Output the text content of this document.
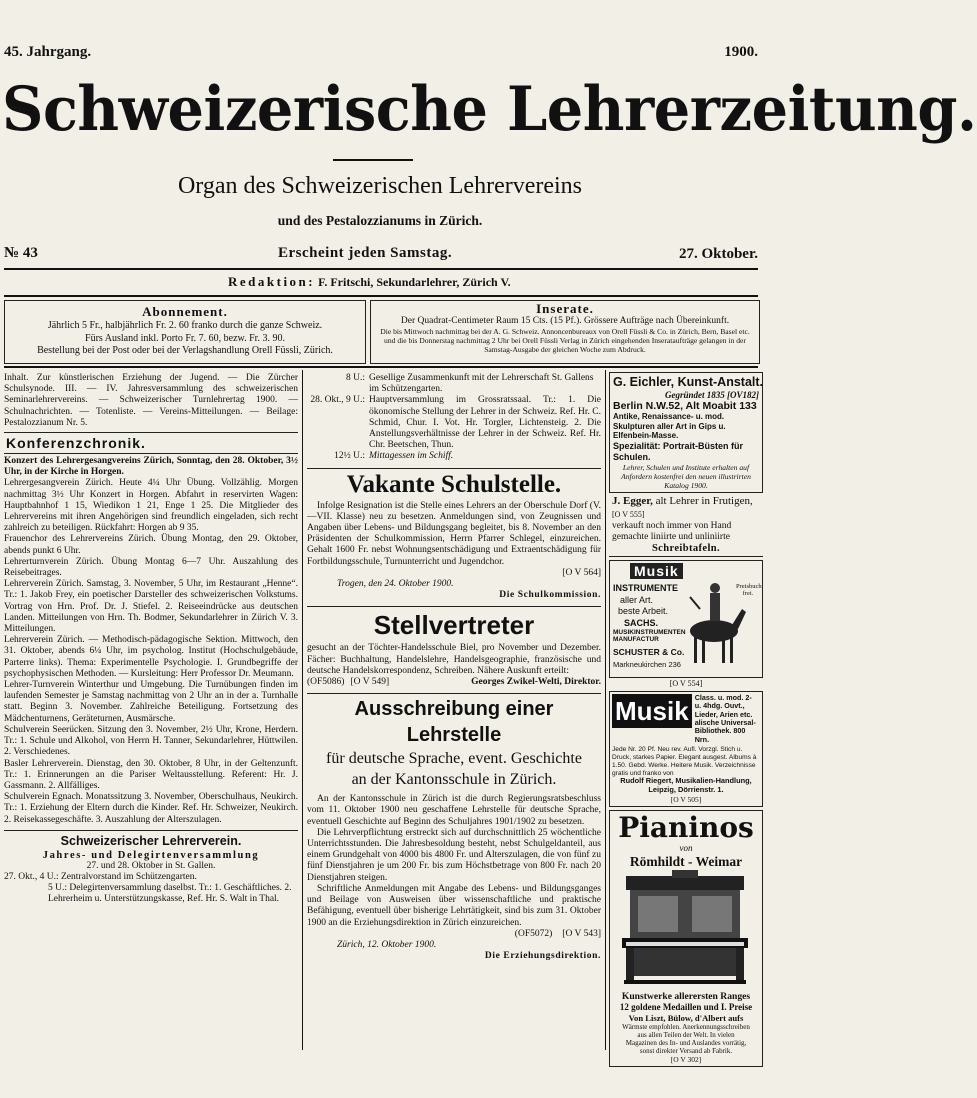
45. Jahrgang.	1900.
Schweizerische Lehrerzeitung.
Organ des Schweizerischen Lehrervereins
und des Pestalozzianums in Zürich.
№ 43	Erscheint jeden Samstag.	27. Oktober.
Redaktion: F. Fritschi, Sekundarlehrer, Zürich V.
Abonnement.
Jährlich 5 Fr., halbjährlich Fr. 2. 60 franko durch die ganze Schweiz.
Fürs Ausland inkl. Porto Fr. 7. 60, bezw. Fr. 3. 90.
Bestellung bei der Post oder bei der Verlagshandlung Orell Füssli, Zürich.
Inserate.
Der Quadrat-Centimeter Raum 15 Cts. (15 Pf.). Grössere Aufträge nach Übereinkunft.
Die bis Mittwoch nachmittag bei der A. G. Schweiz. Annoncenbureaux von Orell Füssli & Co. in Zürich, Bern, Basel etc. und die bis Donnerstag nachmittag 2 Uhr bei Orell Füssli Verlag in Zürich eingehenden Inserataufträge gelangen in der Samstag-Ausgabe der gleichen Woche zum Abdruck.

Inhalt. Zur künstlerischen Erziehung der Jugend. — Die Zürcher Schulsynode. III. — IV. Jahresversammlung des schweizerischen Seminarlehrervereins. — Schweizerischer Turnlehrertag 1900. — Schulnachrichten. — Totenliste. — Vereins-Mitteilungen. — Beilage: Pestalozzianum Nr. 5.

Konferenzchronik.

Konzert des Lehrergesangvereins Zürich, Sonntag, den 28. Oktober, 3½ Uhr, in der Kirche in Horgen.

Lehrergesangverein Zürich. Heute 4¼ Uhr Übung. Vollzählig. Morgen nachmittag 3½ Uhr Konzert in Horgen. Abfahrt in reservirten Wagen: Hauptbahnhof 1 15, Wiedikon 1 21, Enge 1 25. Die Mitglieder des Lehrervereins mit ihren Angehörigen sind freundlich eingeladen, sich recht zahlreich zu beteiligen. Rückfahrt: Horgen ab 9 35.

Frauenchor des Lehrervereins Zürich. Übung Montag, den 29. Oktober, abends punkt 6 Uhr.

Lehrerturnverein Zürich. Übung Montag 6—7 Uhr. Auszahlung des Reisebeitrages.

Lehrerverein Zürich. Samstag, 3. November, 5 Uhr, im Restaurant „Henne“. Tr.: 1. Jakob Frey, ein poetischer Darsteller des schweizerischen Volkstums. Vortrag von Hrn. Prof. Dr. J. Stiefel. 2. Reiseeindrücke aus deutschen Landen. Mitteilungen von Hrn. Th. Bodmer, Sekundarlehrer in Zürich V. 3. Mitteilungen.

Lehrerverein Zürich. — Methodisch-pädagogische Sektion. Mittwoch, den 31. Oktober, abends 6¼ Uhr, im psycholog. Institut (Hochschulgebäude, Parterre links). Thema: Experimentelle Psychologie. I. Grundbegriffe der psychophysischen Methoden. — Kursleitung: Herr Professor Dr. Meumann.

Lehrer-Turnverein Winterthur und Umgebung. Die Turnübungen finden im laufenden Semester je Samstag nachmittag von 2 Uhr an in der a. Turnhalle statt. Beginn 3. November. Zahlreiche Beteiligung. Fortsetzung des Mädchenturnens, Geräteturnen, Ausmärsche.

Schulverein Seerücken. Sitzung den 3. November, 2½ Uhr, Krone, Herdern. Tr.: 1. Schule und Alkohol, von Herrn H. Tanner, Sekundarlehrer, Hüttwilen. 2. Verschiedenes.

Basler Lehrerverein. Dienstag, den 30. Oktober, 8 Uhr, in der Geltenzunft. Tr.: 1. Erinnerungen an die Pariser Weltausstellung. Referent: Hr. J. Gassmann. 2. Allfälliges.

Schulverein Egnach. Monatssitzung 3. November, Oberschulhaus, Neukirch. Tr.: 1. Erziehung der Eltern durch die Kinder. Ref. Hr. Schweizer, Neukirch. 2. Reisekassegeschäfte. 3. Auszahlung der Alterszulagen.

Schweizerischer Lehrerverein.
Jahres- und Delegirtenversammlung
27. und 28. Oktober in St. Gallen.

27. Okt., 4 U.: Zentralvorstand im Schützengarten.

5 U.: Delegirtenversammlung daselbst. Tr.: 1. Geschäftliches. 2. Lehrerheim u. Unterstützungskasse, Ref. Hr. S. Walt in Thal.

8 U.: Gesellige Zusammenkunft mit der Lehrerschaft St. Gallens im Schützengarten.
28. Okt., 9 U.: Hauptversammlung im Grossratssaal. Tr.: 1. Die ökonomische Stellung der Lehrer in der Schweiz. Ref. Hr. C. Schmid, Chur. I. Vot. Hr. Torgler, Lichtensteig. 2. Die Anstellungsverhältnisse der Lehrer in der Schweiz. Ref. Hr. Chr. Beetschen, Thun.
12½ U.: Mittagessen im Schiff.
Vakante Schulstelle.

Infolge Resignation ist die Stelle eines Lehrers an der Oberschule Dorf (V.—VII. Klasse) neu zu besetzen. Anmeldungen sind, von Zeugnissen und Angaben über Lebens- und Bildungsgang begleitet, bis 8. November an den Präsidenten der Schulkommission, Herrn Pfarrer Schlegel, einzureichen. Gehalt 1600 Fr. nebst Wohnungsentschädigung und Extraentschädigung für Fortbildungsschule, Turnunterricht und Jugendchor.

[O V 564]
Trogen, den 24. Oktober 1900.
Die Schulkommission.
Stellvertreter

gesucht an der Töchter-Handelsschule Biel, pro November und Dezember. Fächer: Buchhaltung, Handelslehre, Handelsgeographie, französische und deutsche Handelskorrespondenz, Schreiben. Nähere Auskunft erteilt:

(OF5086) [O V 549]	Georges Zwikel-Welti, Direktor.
Ausschreibung einer Lehrstelle
für deutsche Sprache, event. Geschichte
an der Kantonsschule in Zürich.

An der Kantonsschule in Zürich ist die durch Regierungsratsbeschluss vom 11. Oktober 1900 neu geschaffene Lehrstelle für deutsche Sprache, eventuell Geschichte auf Beginn des Schuljahres 1901/1902 zu besetzen.

Die Lehrverpflichtung erstreckt sich auf durchschnittlich 25 wöchentliche Unterrichtsstunden. Die Jahresbesoldung besteht, nebst Schulgeldanteil, aus einem Grundgehalt von 4000 bis 4800 Fr. und Alterszulagen, die von fünf zu fünf Dienstjahren je um 200 Fr. bis zum Höchstbetrage von 800 Fr. nach 20 Dienstjahren steigen.

Schriftliche Anmeldungen mit Angabe des Lebens- und Bildungsganges und Beilage von Ausweisen über wissenschaftliche und praktische Befähigung, eventuell über bisherige Lehrtätigkeit, sind bis zum 31. Oktober 1900 an die Erziehungsdirektion in Zürich einzureichen.

(OF5072) [O V 543]
Zürich, 12. Oktober 1900.
Die Erziehungsdirektion.
G. Eichler, Kunst-Anstalt.
Gegründet 1835 [OV182]
Berlin N.W.52, Alt Moabit 133
Antike, Renaissance- u. mod. Skulpturen aller Art in Gips u. Elfenbein-Masse.
Spezialität: Portrait-Büsten für Schulen.
Lehrer, Schulen und Institute erhalten auf Anfordern kostenfrei den neuen illustrirten Katalog 1900.
J. Egger, alt Lehrer in Frutigen, [O V 555]
verkauft noch immer von Hand gemachte liniirte und unliniirte
Schreibtafeln.
Musik
INSTRUMENTE
aller Art.
beste Arbeit.
SACHS.
MUSIKINSTRUMENTEN MANUFACTUR
SCHUSTER & Co.
Markneukirchen 236
Preisbuch frei.
[O V 554]
Musik Class. u. mod. 2- u. 4hdg. Ouvt., Lieder, Arien etc. alische Universal-Bibliothek. 800 Nrn.
Jede Nr. 20 Pf. Neu rev. Aufl. Vorzgl. Stich u. Druck, starkes Papier. Elegant ausgest. Albums à 1.50. Gebd. Werke. Heitere Musik. Verzeichnisse gratis und franko von
Rudolf Riegert, Musikalien-Handlung, Leipzig, Dörrienstr. 1.
[O V 505]
Pianinos
von
Römhildt - Weimar
Kunstwerke allerersten Ranges
12 goldene Medaillen und I. Preise
Von Liszt, Bülow, d'Albert aufs
Wärmste empfohlen. Anerkennungsschreiben
aus allen Teilen der Welt. In vielen
Magazinen des In- und Auslandes vorrätig,
sonst direkter Versand ab Fabrik.
[O V 302]
